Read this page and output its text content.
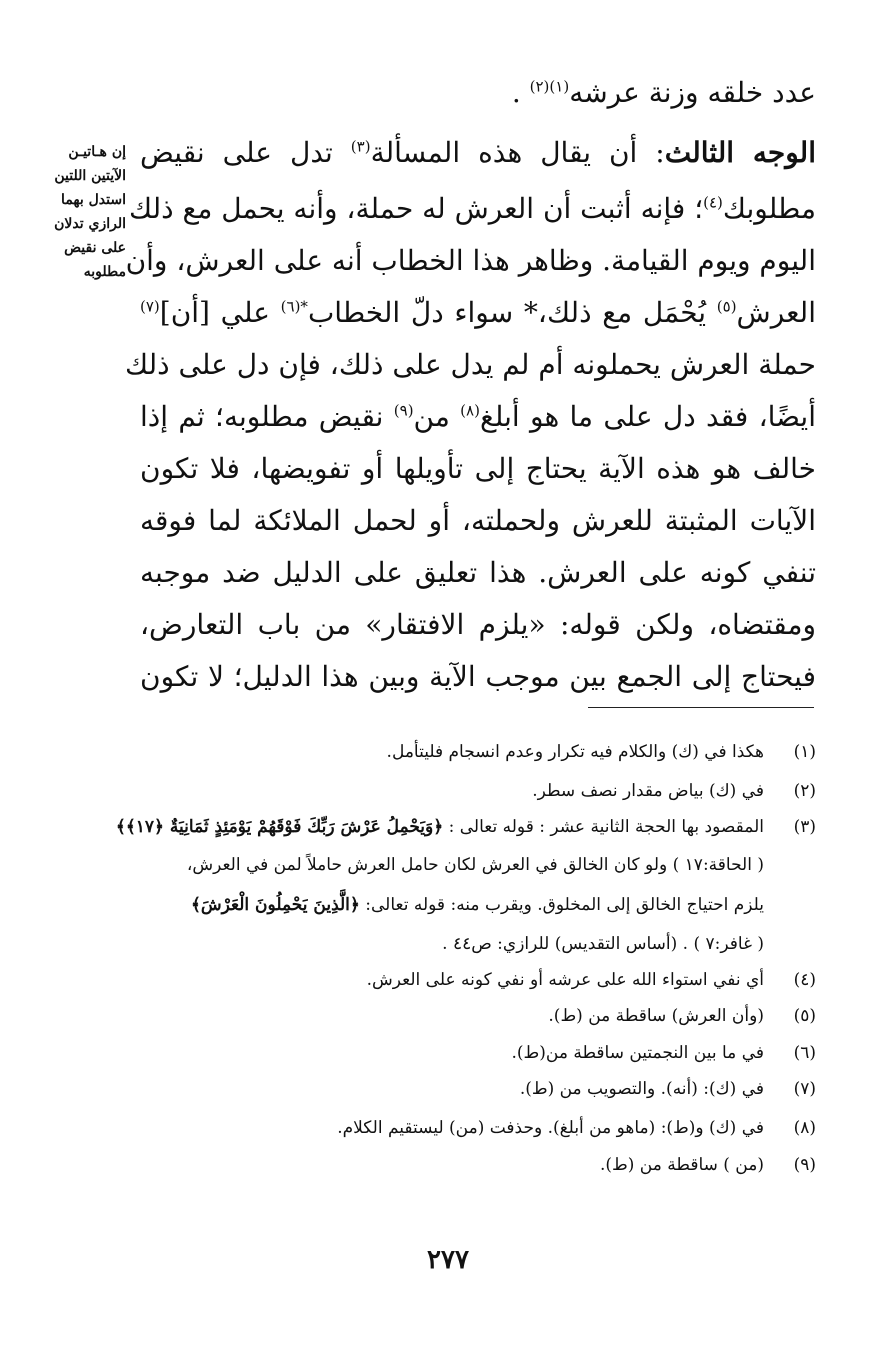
عدد خلقه وزنة عرشه$^{(١)(٢)}$ .
الوجه الثالث: أن يقال هذه المسألة$^{(٣)}$ تدل على نقيض
مطلوبك$^{(٤)}$؛ فإنه أثبت أن العرش له حملة، وأنه يحمل مع ذلك
اليوم ويوم القيامة. وظاهر هذا الخطاب أنه على العرش، وأن
العرش$^{(٥)}$ يُحْمَل مع ذلك،* سواء دلّ الخطاب$^{*(٦)}$ علي [أن]$^{(٧)}$
حملة العرش يحملونه أم لم يدل على ذلك، فإن دل على ذلك
أيضًا، فقد دل على ما هو أبلغ$^{(٨)}$ من$^{(٩)}$ نقيض مطلوبه؛ ثم إذا
خالف هو هذه الآية يحتاج إلى تأويلها أو تفويضها، فلا تكون
الآيات المثبتة للعرش ولحملته، أو لحمل الملائكة لما فوقه
تنفي كونه على العرش. هذا تعليق على الدليل ضد موجبه
ومقتضاه، ولكن قوله: «يلزم الافتقار» من باب التعارض،
فيحتاج إلى الجمع بين موجب الآية وبين هذا الدليل؛ لا تكون
إن هـاتيـن
الآيتين اللتين
استدل بهما
الرازي تدلان
على نقيض
مطلوبه
(١)
هكذا في (ك) والكلام فيه تكرار وعدم انسجام فليتأمل.
(٢)
في (ك) بياض مقدار نصف سطر.
(٣)
المقصود بها الحجة الثانية عشر : قوله تعالى : ﴿وَيَحْمِلُ عَرْشَ رَبِّكَ فَوْقَهُمْ يَوْمَئِذٍ ثَمَانِيَةٌ ﴿١٧﴾﴾
( الحاقة:١٧ ) ولو كان الخالق في العرش لكان حامل العرش حاملاً لمن في العرش،
يلزم احتياج الخالق إلى المخلوق. ويقرب منه: قوله تعالى: ﴿الَّذِينَ يَحْمِلُونَ الْعَرْشَ﴾
( غافر:٧ ) . (أساس التقديس) للرازي: ص٤٤ .
(٤)
أي نفي استواء الله على عرشه أو نفي كونه على العرش.
(٥)
(وأن العرش) ساقطة من (ط).
(٦)
في ما بين النجمتين ساقطة من(ط).
(٧)
في (ك): (أنه). والتصويب من (ط).
(٨)
في (ك) و(ط): (ماهو من أبلغ). وحذفت (من) ليستقيم الكلام.
(٩)
(من ) ساقطة من (ط).
٢٧٧
